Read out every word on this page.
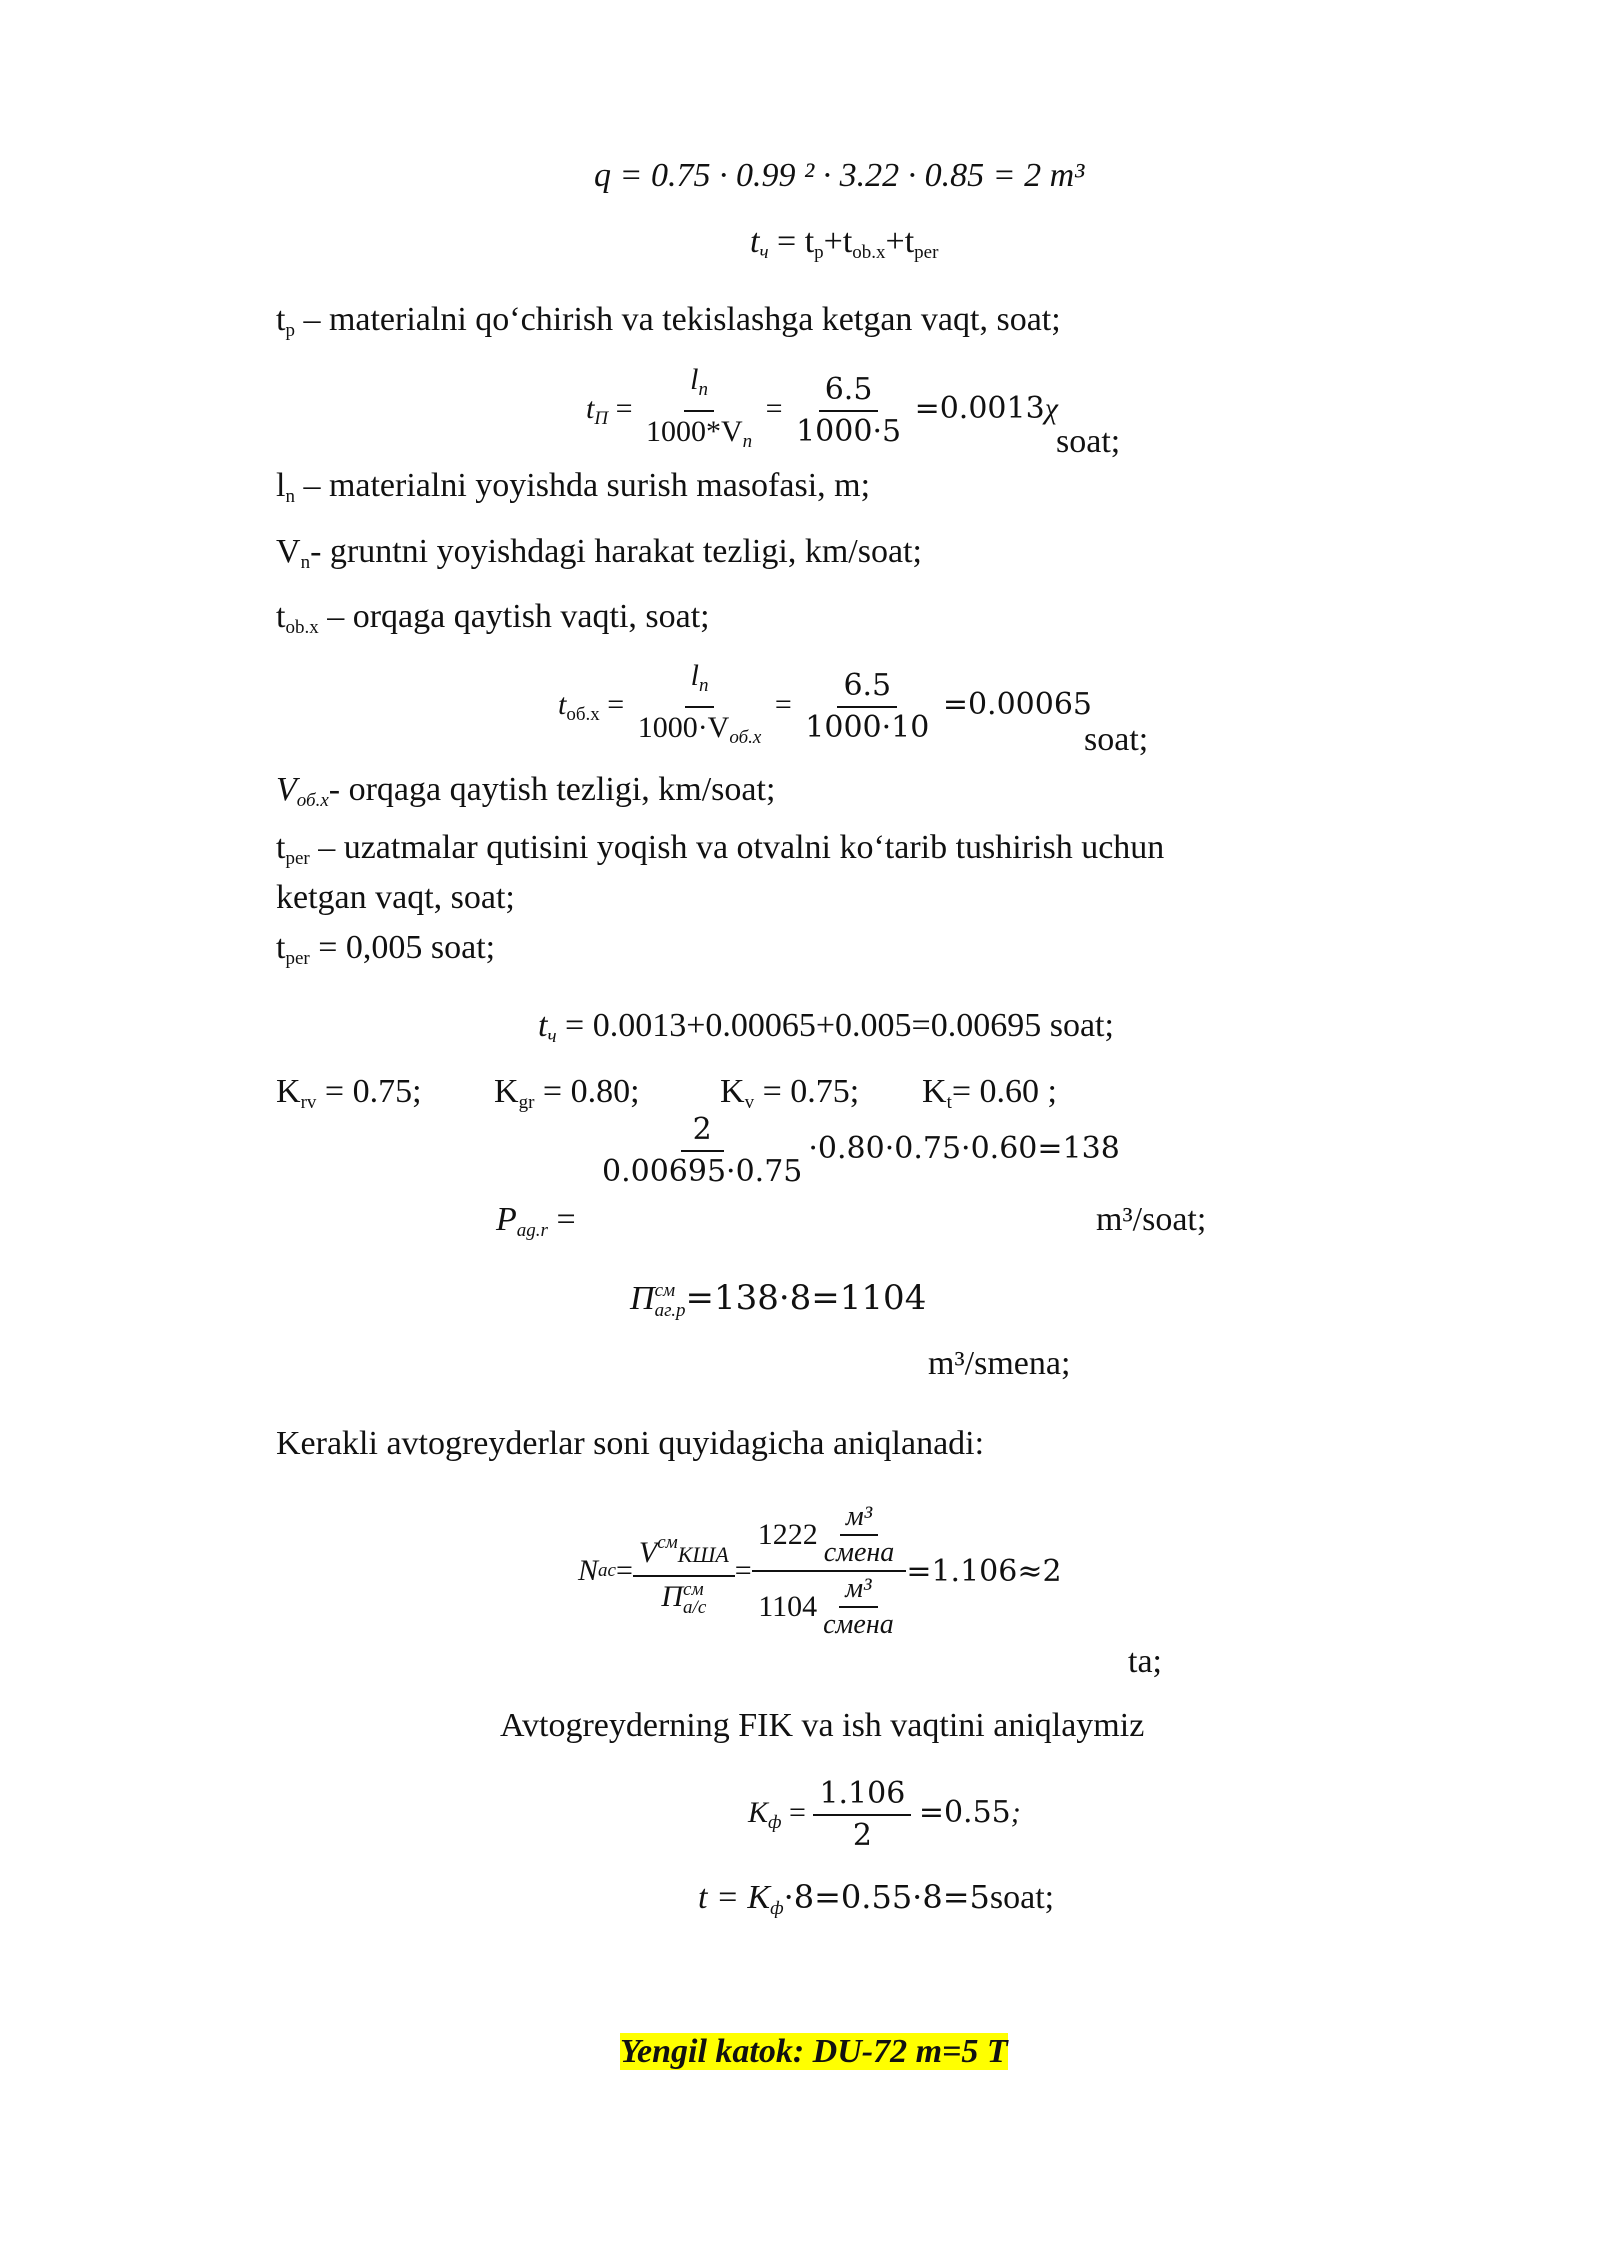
q = 0.75 · 0.99 ² · 3.22 · 0.85 = 2 m³
$t_ч = t_p+t_{ob.x}+t_{per}$
$t_p$ – materialni qo‘chirish va tekislashga ketgan vaqt, soat;
$t_П = \frac{l_n}{1000*V_n} = \frac{6.5}{1000\cdot 5} =0.0013\chi$
soat;
$l_n$ – materialni yoyishda surish masofasi, m;
$V_n-$ gruntni yoyishdagi harakat tezligi, km/soat;
$t_{ob.x}$ – orqaga qaytish vaqti, soat;
$t_{об.х} = \frac{l_n}{1000\cdot V_{об.х}} = \frac{6.5}{1000\cdot 10} =0.00065$
soat;
$V_{об.х}-$ orqaga qaytish tezligi, km/soat;
$t_{per}$ – uzatmalar qutisini yoqish va otvalni ko‘tarib tushirish uchun
ketgan vaqt, soat;
$t_{per} = 0,005$ soat;
$t_ч = 0.0013+0.00065+0.005=0.00695$ soat;
$K_{rv} = 0.75$; $K_{gr} = 0.80$; $K_v = 0.75$; $K_t= 0.60$ ;
$\frac{2}{0.00695\cdot 0.75} \cdot 0.80\cdot 0.75\cdot 0.60=138$
$P_{ag.r}$ =	m³/soat;
П см
аг.р =138·8=1104
m³/smena;
Kerakli avtogreyderlar soni quyidagicha aniqlanadi:
N ас = $V^{см}КША$
П см
$а/с = \frac{1222 \frac{\text{м³}}{\text{смена}}}{1104 \frac{\text{м³}}{\text{смена}}} =1.106\approx 2$
ta;
Avtogreyderning FIK va ish vaqtini aniqlaymiz
$K_ф = \frac{1.106}{2} =0.55$;
$t = K_ф\cdot 8=0.55\cdot 8=5soat$;
Yengil katok: DU-72 m=5 T
